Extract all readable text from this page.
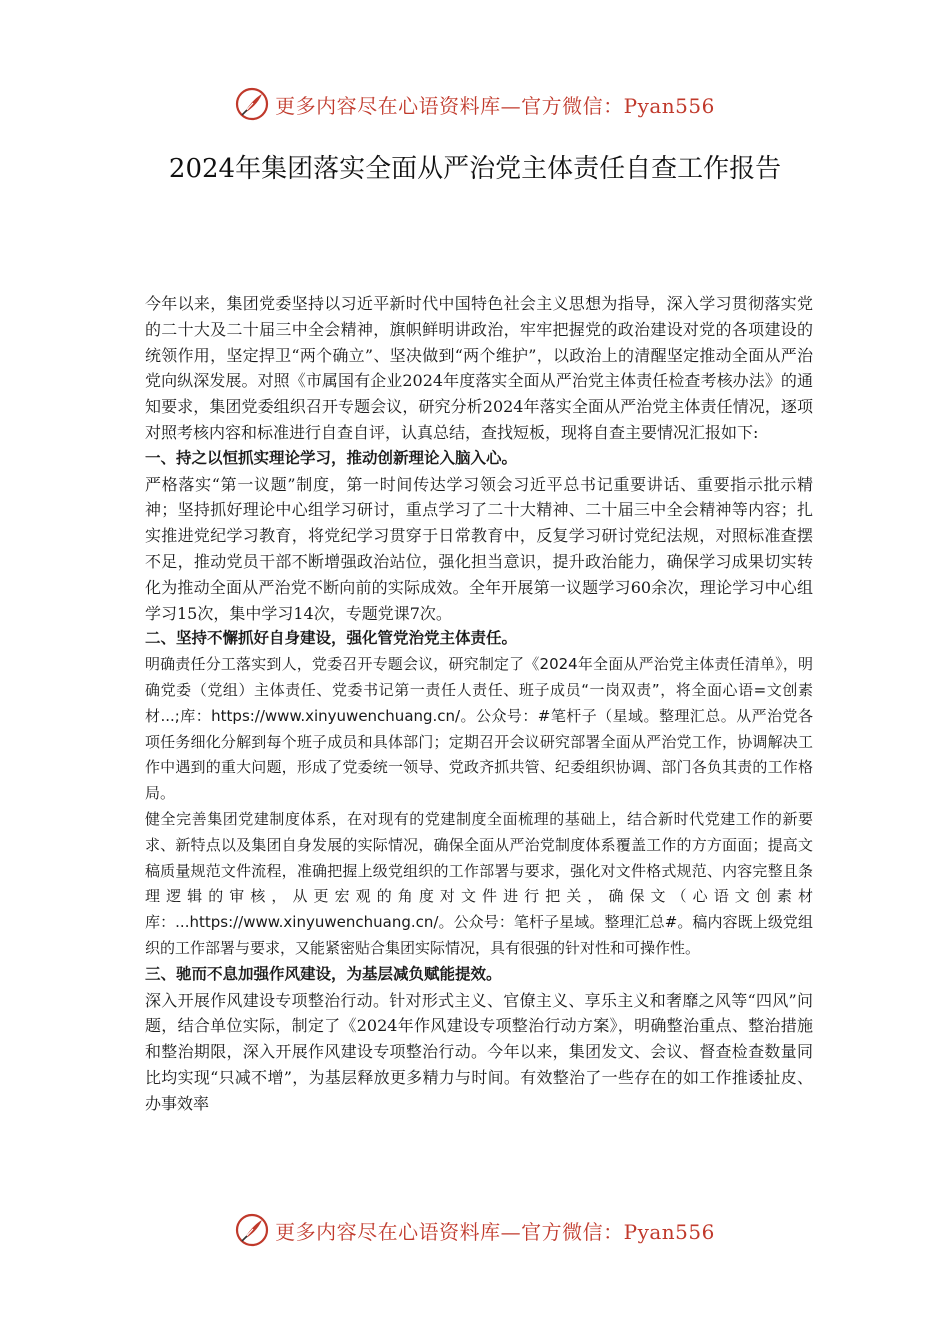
更多内容尽在心语资料库—官方微信：Pyan556
2024年集团落实全面从严治党主体责任自查工作报告

今年以来，集团党委坚持以习近平新时代中国特色社会主义思想为指导，深入学习贯彻落实党的二十大及二十届三中全会精神，旗帜鲜明讲政治，牢牢把握党的政治建设对党的各项建设的统领作用，坚定捍卫“两个确立”、坚决做到“两个维护”，以政治上的清醒坚定推动全面从严治党向纵深发展。对照《市属国有企业2024年度落实全面从严治党主体责任检查考核办法》的通知要求，集团党委组织召开专题会议，研究分析2024年落实全面从严治党主体责任情况，逐项对照考核内容和标准进行自查自评，认真总结，查找短板，现将自查主要情况汇报如下:

一、持之以恒抓实理论学习，推动创新理论入脑入心。

严格落实“第一议题”制度，第一时间传达学习领会习近平总书记重要讲话、重要指示批示精神；坚持抓好理论中心组学习研讨，重点学习了二十大精神、二十届三中全会精神等内容；扎实推进党纪学习教育，将党纪学习贯穿于日常教育中，反复学习研讨党纪法规，对照标准查摆不足，推动党员干部不断增强政治站位，强化担当意识，提升政治能力，确保学习成果切实转化为推动全面从严治党不断向前的实际成效。全年开展第一议题学习60余次，理论学习中心组学习15次，集中学习14次，专题党课7次。

二、坚持不懈抓好自身建设，强化管党治党主体责任。

明确责任分工落实到人，党委召开专题会议，研究制定了《2024年全面从严治党主体责任清单》，明确党委（党组）主体责任、党委书记第一责任人责任、班子成员“一岗双责”，将全面心语=文创素材...;库：https://www.xinyuwenchuang.cn/。公众号：#笔杆子（星域。整理汇总。从严治党各项任务细化分解到每个班子成员和具体部门；定期召开会议研究部署全面从严治党工作，协调解决工作中遇到的重大问题，形成了党委统一领导、党政齐抓共管、纪委组织协调、部门各负其责的工作格局。

健全完善集团党建制度体系，在对现有的党建制度全面梳理的基础上，结合新时代党建工作的新要求、新特点以及集团自身发展的实际情况，确保全面从严治党制度体系覆盖工作的方方面面；提高文稿质量规范文件流程，准确把握上级党组织的工作部署与要求，强化对文件格式规范、内容完整且条理逻辑的审核，从更宏观的角度对文件进行把关，确保文（心语文创素材库：...https://www.xinyuwenchuang.cn/。公众号：笔杆子星域。整理汇总#。稿内容既上级党组织的工作部署与要求，又能紧密贴合集团实际情况，具有很强的针对性和可操作性。

三、驰而不息加强作风建设，为基层减负赋能提效。

深入开展作风建设专项整治行动。针对形式主义、官僚主义、享乐主义和奢靡之风等“四风”问题，结合单位实际，制定了《2024年作风建设专项整治行动方案》，明确整治重点、整治措施和整治期限，深入开展作风建设专项整治行动。今年以来，集团发文、会议、督查检查数量同比均实现“只减不增”，为基层释放更多精力与时间。有效整治了一些存在的如工作推诿扯皮、办事效率

更多内容尽在心语资料库—官方微信：Pyan556
